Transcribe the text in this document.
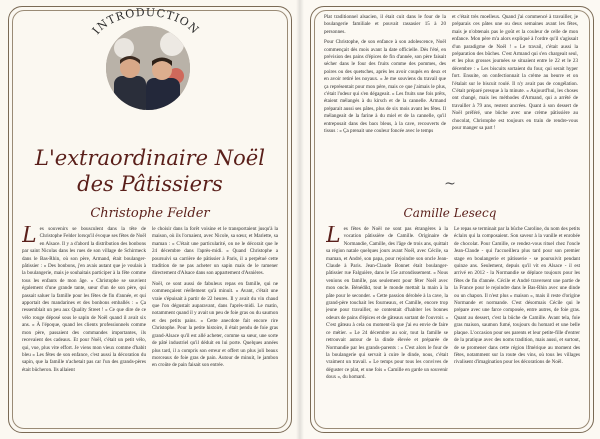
INTRODUCTION
L'extraordinaire Noël
des Pâtissiers
Christophe Felder

Les souvenirs se bousculent dans la tête de Christophe Felder lorsqu'il évoque ses fêtes de Noël en Alsace. Il y a d'abord la distribution des bonbons par saint Nicolas dans les rues de son village de Schirmeck dans le Bas-Rhin, où son père, Armand, était boulanger-pâtissier : « Des bonbons, j'en avais autant que je voulais à la boulangerie, mais je souhaitais participer à la fête comme tous les enfants de mon âge. » Christophe se souvient également d'une grande tante, sœur d'un de son père, qui passait saluer la famille pour les fêtes de fin d'année, et qui apportait des mandarines et des bonbons emballés : « Ça ressemblait un peu aux Quality Street ! » Ce que dire de ce vélo rouge déposé sous le sapin de Noël quand il avait six ans. « À l'époque, quand les clients professionnels comme mon père, passaient des commandes importantes, ils recevaient des cadeaux. Et pour Noël, c'était un petit vélo, qui, vue, plus vite effort. Je viens mon vieux comme d'habit bleu » Les fêtes de son enfance, c'est aussi la décoration du sapin, que la famille n'achetait pas car l'un des grands-pères était bûcheron. Ils allaient

le choisir dans la forêt voisine et le transportaient jusqu'à la maison, où ils l'ornaient, avec Nicole, sa sœur, et Mariette, sa maman : « C'était une particularité, on ne le décorait que le 24 décembre dans l'après-midi. » Quand Christophe a poursuivi sa carrière de pâtissier à Paris, il a perpétué cette tradition de ne pas acheter un sapin mais de le ramener directement d'Alsace dans son appartement d'Asnières.

Noël, ce sont aussi de fabuleux repas en famille, qui ne commençaient réellement qu'à minuit. « Avant, c'était une vraie s'épuisait à partir de 22 heures. Il y avait du vin chaud que l'on dégustait auparavant, dans l'après-midi. Le matin, notamment quand il y avait un peu de foie gras ou du saumon et des petits pains. » Cette anecdote fait encore rire Christophe. Pour la petite histoire, il était pendu de foie gras grand-Alsace qu'il est allé acheter, comme sa sœur, une sorte de pâté industriel qu'il déduit en lui porte. Quelques années plus tard, il a compris son erreur et offert un plus joli beaux morceaux de foie gras de pain. Autour de minuit, le jambon en croûte de pain faisait son entrée.

Plat traditionnel alsacien, il était cuit dans le four de la boulangerie familiale et pouvait rassasier 15 à 20 personnes.

Pour Christophe, de son enfance à son adolescence, Noël commençait dès mois avant la date officielle. Dès l'été, en prévision des pains d'épices de fin d'année, son père faisait sécher dans le four des fruits comme des pommes, des poires ou des quetsches, après les avoir coupés en deux et en avoir retiré les noyaux. « Je me souviens du travail que ça représentait pour mon père, mais ce que j'aimais le plus, c'était l'odeur qui s'en dégageait. » Les fruits une fois prêts, étaient mélangés à du kirsch et de la cannelle. Armand préparait aussi ses pâtes, plus de six mois avant les fêtes. Il mélangeait de la farine à du miel et de la cannelle, qu'il entreposait dans des bacs bleus, à la cave, recouverts de tissus : « Ça prenait une couleur foncée avec le temps

et c'était très moelleux. Quand j'ai commencé à travailler, je préparais ces pâtes une ou deux semaines avant les fêtes, mais je n'obtenais pas le goût et la couleur de celle de mon enfance. Mon père m'a alors expliqué à l'ordre qu'il s'agissait d'un paradigme de Noël ! » Le travail, c'était aussi la préparation des bûches. C'est Armand qui s'en chargeait seul, et les plus grosses journées se situaient entre le 22 et le 23 décembre : « Les biscuits sortaient du four, qui serait hyper fort. Ensuite, on confectionnait la crème au beurre et on l'étalait sur le biscuit roulé. Il n'y avait pas de congélation. C'était préparé presque à la minute. » Aujourd'hui, les choses ont changé, mais les méthodes d'Armand, qui a arrêté de travailler à 79 ans, restent ancrées. Quant à son dessert de Noël préféré, une bûche avec une crème pâtissière au chocolat, Christophe est toujours en train de rendre-vous pour manger sa part !

~
Camille Lesecq

Les fêtes de Noël ne sont pas étrangères à la vocation pâtissière de Camille. Originaire de Normandie, Camille, des l'âge de trois ans, quittait sa région natale quelques jours avant Noël, avec Cécile, sa maman, et André, son papa, pour rejoindre son oncle Jean-Claude à Paris. Jean-Claude Bonnet était boulanger-pâtissier rue Falguière, dans le 15e arrondissement. « Nous venions en famille, pas seulement pour fêter Noël avec mon oncle. Bénédikt, tout le monde mettait la main à la pâte pour le seconder. » Cette passion dérobée à la cave, la grand-père touchait les fourneaux, et Camille, encore trop jeune pour travailler, se contentait d'habiter les bonnes odeurs de pains d'épices et de gâteaux sortant de l'ouvroir. « C'est gâteau à cela ou moment-là que j'ai eu envie de faire ce métier. » Le 24 décembre au soir, tout la famille se retrouvait autour de la dinde élevée et préparée de Normandie par les grands-parents : « C'est alors le four de la boulangerie qui servait à cuire le dinde, nous, c'était vraiment un travail. » Le temps pour tous les convives de déguster ce plat, et une fois « Camille en garde un souvenir doux », du homard.

Le repas se terminait par la bûche Caroline, du nom des petits éclairs qui la composaient. Son saveur à la vanille et enrobée de chocolat. Pour Camille, ce rendez-vous rituel chez l'oncle Jean-Claude - qui l'accueillera plus tard pour son premier stage en boulangerie et pâtisserie - se poursuivit pendant quinze ans. Seulement, depuis qu'il vit en Alsace - il est arrivé en 2012 - la Normandie se déplace toujours pour les fêtes de fin d'année. Cécile et André traversent une partie de la France pour le rejoindre dans le Bas-Rhin avec une dinde ou un chapon. Il n'est plus « maison », mais il reste d'origine Normande et normande. C'est désormais Cécile qui le prépare avec une farce composée, entre autres, de foie gras. Quant au dessert, c'est la bûche de Camille. Avant tela, foie gras maison, saumon fumé, toujours du homard et une belle plaque. L'occasion pour ses parents et leur petite-fille d'entrer de la pratique avec des noms tradition, mais aussi, et surtout, de se promener dans cette région lfmérique au moment des fêtes, notamment sur la route des vins, où tous les villages rivalisent d'imagination pour les décorations de Noël.
